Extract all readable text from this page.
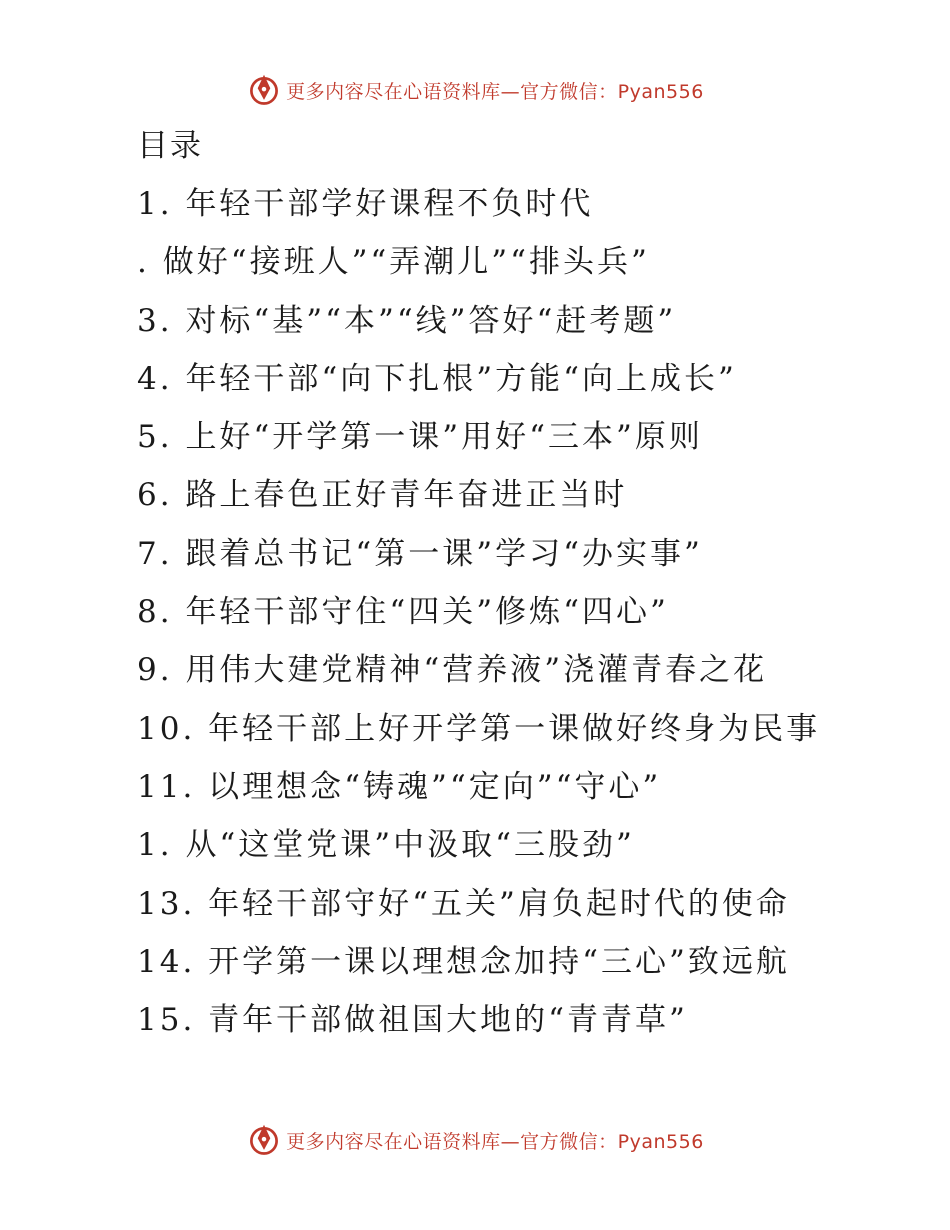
更多内容尽在心语资料库—官方微信：Pyan556
目录
1. 年轻干部学好课程不负时代
. 做好“接班人”“弄潮儿”“排头兵”
3. 对标“基”“本”“线”答好“赶考题”
4. 年轻干部“向下扎根”方能“向上成长”
5. 上好“开学第一课”用好“三本”原则
6. 路上春色正好青年奋进正当时
7. 跟着总书记“第一课”学习“办实事”
8. 年轻干部守住“四关”修炼“四心”
9. 用伟大建党精神“营养液”浇灌青春之花
10. 年轻干部上好开学第一课做好终身为民事
11. 以理想念“铸魂”“定向”“守心”
1. 从“这堂党课”中汲取“三股劲”
13. 年轻干部守好“五关”肩负起时代的使命
14. 开学第一课以理想念加持“三心”致远航
15. 青年干部做祖国大地的“青青草”
更多内容尽在心语资料库—官方微信：Pyan556
